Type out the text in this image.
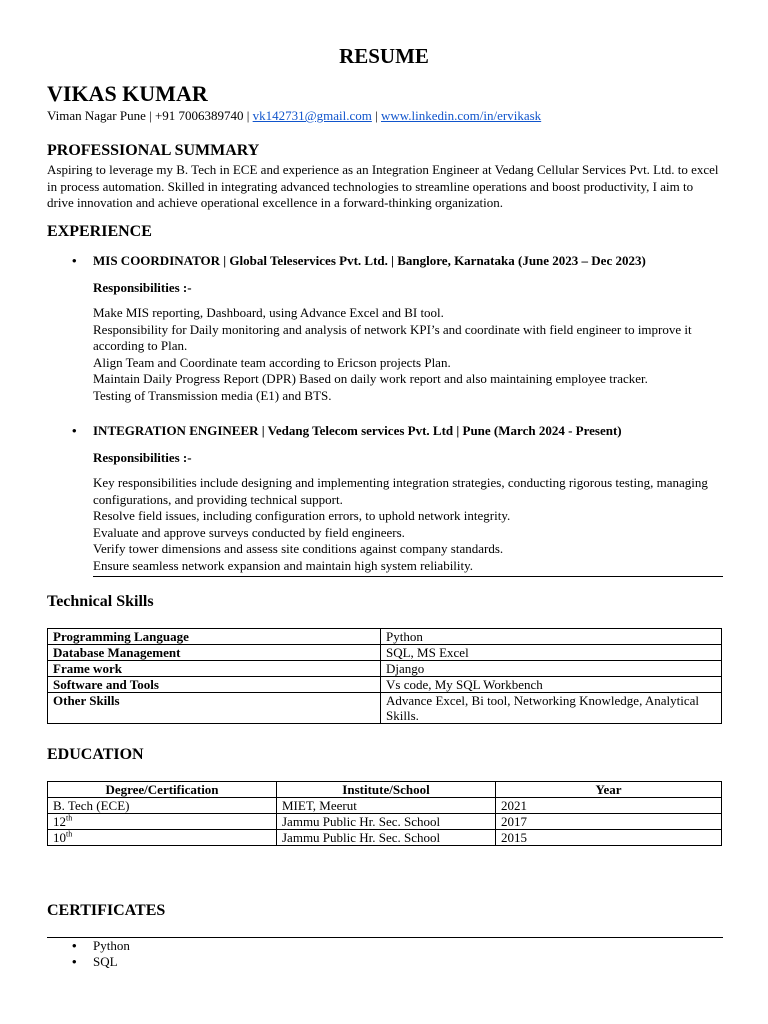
RESUME
VIKAS KUMAR
Viman Nagar Pune | +91 7006389740 | vk142731@gmail.com | www.linkedin.com/in/ervikask
PROFESSIONAL SUMMARY
Aspiring to leverage my B. Tech in ECE and experience as an Integration Engineer at Vedang Cellular Services Pvt. Ltd. to excel in process automation. Skilled in integrating advanced technologies to streamline operations and boost productivity, I aim to drive innovation and achieve operational excellence in a forward-thinking organization.
EXPERIENCE
• MIS COORDINATOR | Global Teleservices Pvt. Ltd. | Banglore, Karnataka (June 2023 – Dec 2023)
Responsibilities :-
Make MIS reporting, Dashboard, using Advance Excel and BI tool.
Responsibility for Daily monitoring and analysis of network KPI’s and coordinate with field engineer to improve it according to Plan.
Align Team and Coordinate team according to Ericson projects Plan.
Maintain Daily Progress Report (DPR) Based on daily work report and also maintaining employee tracker.
Testing of Transmission media (E1) and BTS.
• INTEGRATION ENGINEER | Vedang Telecom services Pvt. Ltd | Pune (March 2024 - Present)
Responsibilities :-
Key responsibilities include designing and implementing integration strategies, conducting rigorous testing, managing configurations, and providing technical support.
Resolve field issues, including configuration errors, to uphold network integrity.
Evaluate and approve surveys conducted by field engineers.
Verify tower dimensions and assess site conditions against company standards.
Ensure seamless network expansion and maintain high system reliability.
Technical Skills
Programming Language	Python
Database Management	SQL, MS Excel
Frame work	Django
Software and Tools	Vs code, My SQL Workbench
Other Skills	Advance Excel, Bi tool, Networking Knowledge, Analytical Skills.
EDUCATION
Degree/Certification	Institute/School	Year
B. Tech (ECE)	MIET, Meerut	2021
12th	Jammu Public Hr. Sec. School	2017
10th	Jammu Public Hr. Sec. School	2015
CERTIFICATES
• Python
• SQL
